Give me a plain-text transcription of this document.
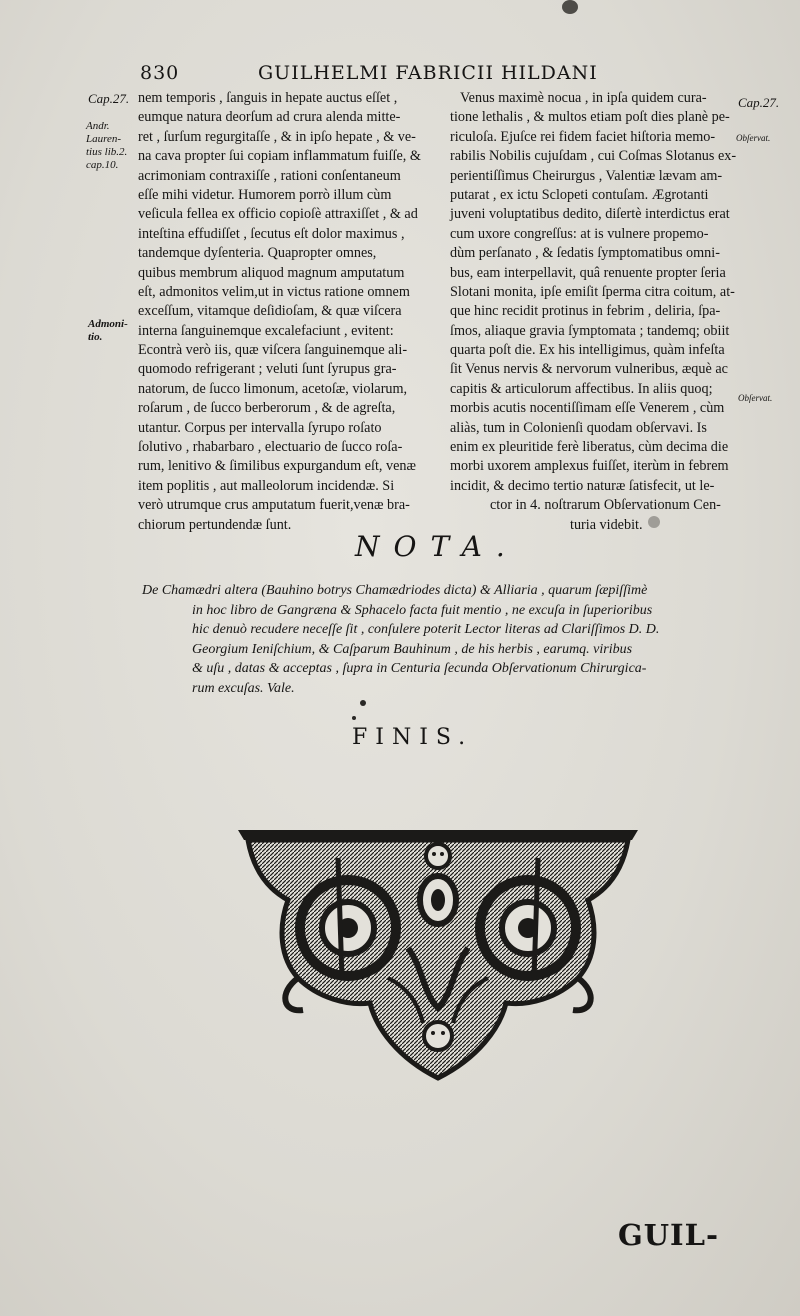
830	GUILHELMI FABRICII HILDANI
Cap.27.
Andr.
Lauren-
tius lib.2.
cap.10.
Admoni-
tio.
Cap.27.
Obſervat.
Obſervat.
nem temporis , ſanguis in hepate auctus eſſet ,
eumque natura deorſum ad crura alenda mitte-
ret , ſurſum regurgitaſſe , & in ipſo hepate , & ve-
na cava propter ſui copiam inflammatum fuiſſe, &
acrimoniam contraxiſſe , rationi conſentaneum
eſſe mihi videtur. Humorem porrò illum cùm
veſicula fellea ex officio copioſè attraxiſſet , & ad
inteſtina effudiſſet , ſecutus eſt dolor maximus ,
tandemque dyſenteria. Quapropter omnes,
quibus membrum aliquod magnum amputatum
eſt, admonitos velim,ut in victus ratione omnem
exceſſum, vitamque deſidioſam, & quæ viſcera
interna ſanguinemque excalefaciunt , evitent:
Econtrà verò iis, quæ viſcera ſanguinemque ali-
quomodo refrigerant ; veluti ſunt ſyrupus gra-
natorum, de ſucco limonum, acetoſæ, violarum,
roſarum , de ſucco berberorum , & de agreſta,
utantur. Corpus per intervalla ſyrupo roſato
ſolutivo , rhabarbaro , electuario de ſucco roſa-
rum, lenitivo & ſimilibus expurgandum eſt, venæ
item poplitis , aut malleolorum incidendæ. Si
verò utrumque crus amputatum fuerit,venæ bra-
chiorum pertundendæ ſunt.
Venus maximè nocua , in ipſa quidem cura-
tione lethalis , & multos etiam poſt dies planè pe-
riculoſa. Ejuſce rei fidem faciet hiſtoria memo-
rabilis Nobilis cujuſdam , cui Coſmas Slotanus ex-
perientiſſimus Cheirurgus , Valentiæ lævam am-
putarat , ex ictu Sclopeti contuſam. Ægrotanti
juveni voluptatibus dedito, diſertè interdictus erat
cum uxore congreſſus: at is vulnere propemo-
dùm perſanato , & ſedatis ſymptomatibus omni-
bus, eam interpellavit, quâ renuente propter ſeria
Slotani monita, ipſe emiſit ſperma citra coitum, at-
que hinc recidit protinus in febrim , deliria, ſpa-
ſmos, aliaque gravia ſymptomata ; tandemq; obiit
quarta poſt die. Ex his intelligimus, quàm infeſta
ſit Venus nervis & nervorum vulneribus, æquè ac
capitis & articulorum affectibus. In aliis quoq;
morbis acutis nocentiſſimam eſſe Venerem , cùm
aliàs, tum in Colonienſi quodam obſervavi. Is
enim ex pleuritide ferè liberatus, cùm decima die
morbi uxorem amplexus fuiſſet, iterùm in febrem
incidit, & decimo tertio naturæ ſatisfecit, ut le-
ctor in 4. noſtrarum Obſervationum Cen-
turia videbit.
NOTA.
De Chamædri altera (Bauhino botrys Chamædriodes dicta) & Alliaria , quarum ſæpiſſimè
in hoc libro de Gangræna & Sphacelo facta fuit mentio , ne excuſa in ſuperioribus
hic denuò recudere neceſſe ſit , conſulere poterit Lector literas ad Clariſſimos D. D.
Georgium Ieniſchium, & Caſparum Bauhinum , de his herbis , earumq. viribus
& uſu , datas & acceptas , ſupra in Centuria ſecunda Obſervationum Chirurgica-
rum excuſas. Vale.
FINIS.
GUIL-
